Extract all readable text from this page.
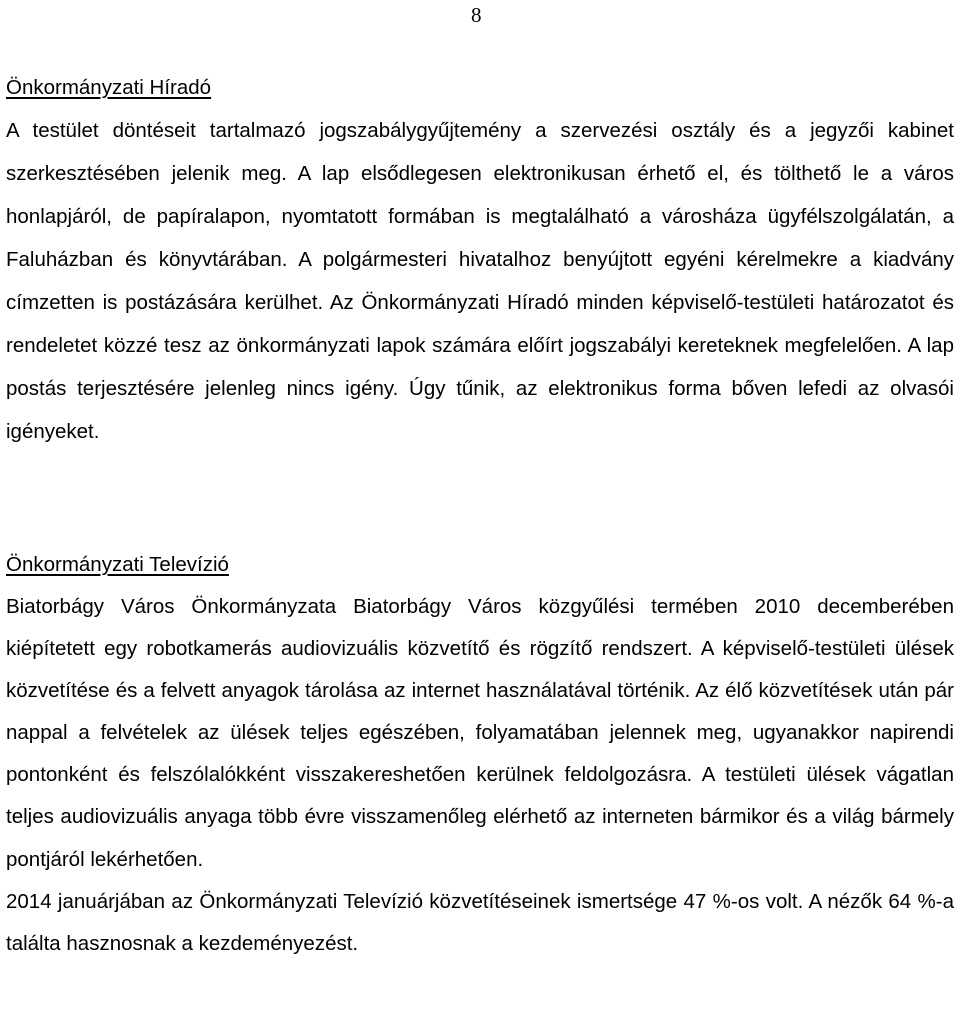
8
Önkormányzati Híradó

A testület döntéseit tartalmazó jogszabálygyűjtemény a szervezési osztály és a jegyzői kabinet szerkesztésében jelenik meg. A lap elsődlegesen elektronikusan érhető el, és tölthető le a város honlapjáról, de papíralapon, nyomtatott formában is megtalálható a városháza ügyfélszolgálatán, a Faluházban és könyvtárában. A polgármesteri hivatalhoz benyújtott egyéni kérelmekre a kiadvány címzetten is postázására kerülhet. Az Önkormányzati Híradó minden képviselő-testületi határozatot és rendeletet közzé tesz az önkormányzati lapok számára előírt jogszabályi kereteknek megfelelően. A lap postás terjesztésére jelenleg nincs igény. Úgy tűnik, az elektronikus forma bőven lefedi az olvasói igényeket.

Önkormányzati Televízió

Biatorbágy Város Önkormányzata Biatorbágy Város közgyűlési termében 2010 decemberében kiépítetett egy robotkamerás audiovizuális közvetítő és rögzítő rendszert. A képviselő-testületi ülések közvetítése és a felvett anyagok tárolása az internet használatával történik. Az élő közvetítések után pár nappal a felvételek az ülések teljes egészében, folyamatában jelennek meg, ugyanakkor napirendi pontonként és felszólalókként visszakereshetően kerülnek feldolgozásra. A testületi ülések vágatlan teljes audiovizuális anyaga több évre visszamenőleg elérhető az interneten bármikor és a világ bármely pontjáról lekérhetően.

2014 januárjában az Önkormányzati Televízió közvetítéseinek ismertsége 47 %-os volt. A nézők 64 %-a találta hasznosnak a kezdeményezést.
